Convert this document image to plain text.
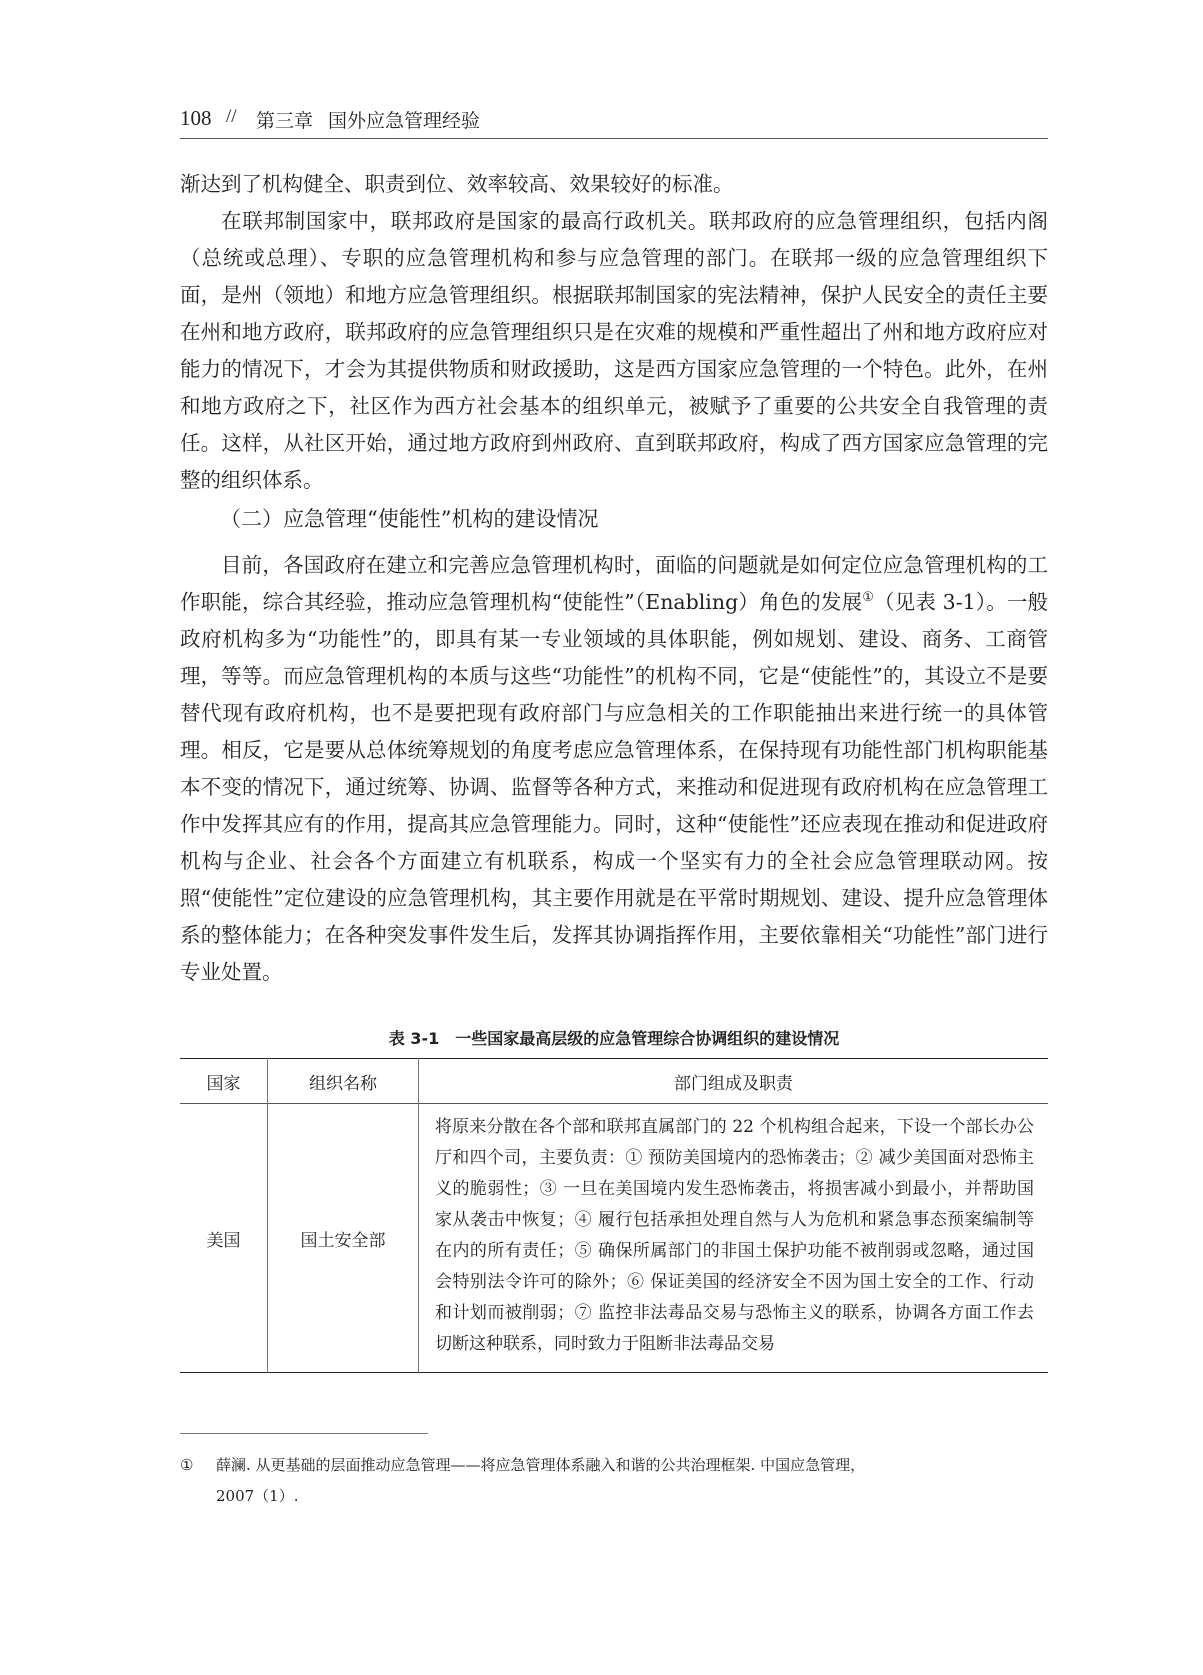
108 // 第三章 国外应急管理经验

渐达到了机构健全、职责到位、效率较高、效果较好的标准。

在联邦制国家中，联邦政府是国家的最高行政机关。联邦政府的应急管理组织，包括内阁（总统或总理）、专职的应急管理机构和参与应急管理的部门。在联邦一级的应急管理组织下面，是州（领地）和地方应急管理组织。根据联邦制国家的宪法精神，保护人民安全的责任主要在州和地方政府，联邦政府的应急管理组织只是在灾难的规模和严重性超出了州和地方政府应对能力的情况下，才会为其提供物质和财政援助，这是西方国家应急管理的一个特色。此外，在州和地方政府之下，社区作为西方社会基本的组织单元，被赋予了重要的公共安全自我管理的责任。这样，从社区开始，通过地方政府到州政府、直到联邦政府，构成了西方国家应急管理的完整的组织体系。

（二）应急管理“使能性”机构的建设情况

目前，各国政府在建立和完善应急管理机构时，面临的问题就是如何定位应急管理机构的工作职能，综合其经验，推动应急管理机构“使能性”（Enabling）角色的发展①（见表 3-1）。一般政府机构多为“功能性”的，即具有某一专业领域的具体职能，例如规划、建设、商务、工商管理，等等。而应急管理机构的本质与这些“功能性”的机构不同，它是“使能性”的，其设立不是要替代现有政府机构，也不是要把现有政府部门与应急相关的工作职能抽出来进行统一的具体管理。相反，它是要从总体统筹规划的角度考虑应急管理体系，在保持现有功能性部门机构职能基本不变的情况下，通过统筹、协调、监督等各种方式，来推动和促进现有政府机构在应急管理工作中发挥其应有的作用，提高其应急管理能力。同时，这种“使能性”还应表现在推动和促进政府机构与企业、社会各个方面建立有机联系，构成一个坚实有力的全社会应急管理联动网。按照“使能性”定位建设的应急管理机构，其主要作用就是在平常时期规划、建设、提升应急管理体系的整体能力；在各种突发事件发生后，发挥其协调指挥作用，主要依靠相关“功能性”部门进行专业处置。

表 3-1　一些国家最高层级的应急管理综合协调组织的建设情况

国家	组织名称	部门组成及职责
美国	国土安全部	将原来分散在各个部和联邦直属部门的 22 个机构组合起来，下设一个部长办公厅和四个司，主要负责：① 预防美国境内的恐怖袭击；② 减少美国面对恐怖主义的脆弱性；③ 一旦在美国境内发生恐怖袭击，将损害减小到最小，并帮助国家从袭击中恢复；④ 履行包括承担处理自然与人为危机和紧急事态预案编制等在内的所有责任；⑤ 确保所属部门的非国土保护功能不被削弱或忽略，通过国会特别法令许可的除外；⑥ 保证美国的经济安全不因为国土安全的工作、行动和计划而被削弱；⑦ 监控非法毒品交易与恐怖主义的联系，协调各方面工作去切断这种联系，同时致力于阻断非法毒品交易

① 薛澜. 从更基础的层面推动应急管理——将应急管理体系融入和谐的公共治理框架. 中国应急管理，
2007（1）.
